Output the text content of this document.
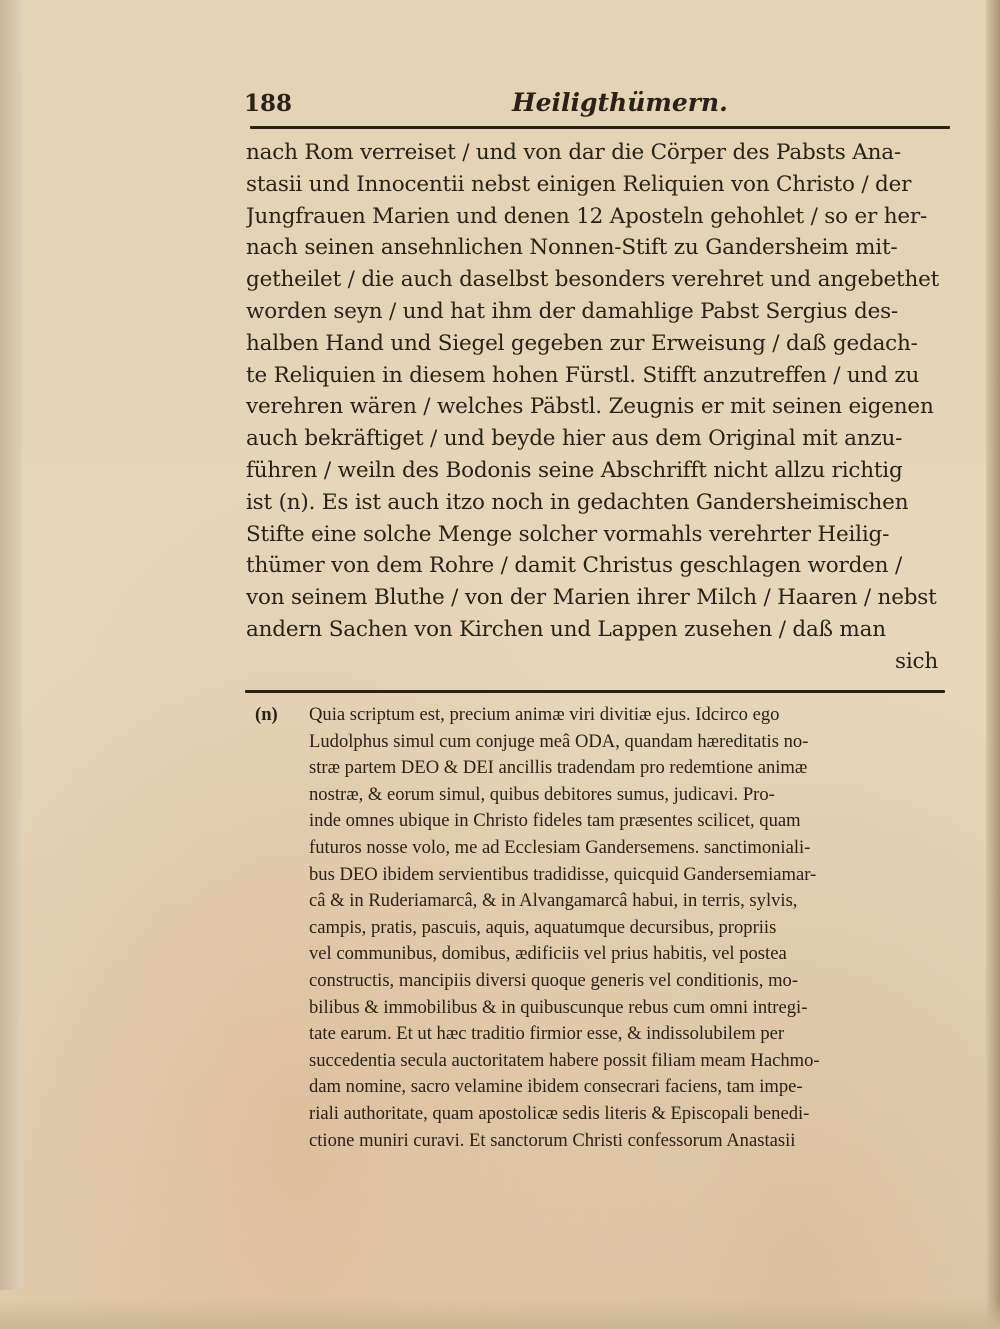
188	Heiligthümern.
nach Rom verreiset / und von dar die Cörper des Pabsts Ana-
stasii und Innocentii nebst einigen Reliquien von Christo / der
Jungfrauen Marien und denen 12 Aposteln gehohlet / so er her-
nach seinen ansehnlichen Nonnen-Stift zu Gandersheim mit-
getheilet / die auch daselbst besonders verehret und angebethet
worden seyn / und hat ihm der damahlige Pabst Sergius des-
halben Hand und Siegel gegeben zur Erweisung / daß gedach-
te Reliquien in diesem hohen Fürstl. Stifft anzutreffen / und zu
verehren wären / welches Päbstl. Zeugnis er mit seinen eigenen
auch bekräftiget / und beyde hier aus dem Original mit anzu-
führen / weiln des Bodonis seine Abschrifft nicht allzu richtig
ist (n). Es ist auch itzo noch in gedachten Gandersheimischen
Stifte eine solche Menge solcher vormahls verehrter Heilig-
thümer von dem Rohre / damit Christus geschlagen worden /
von seinem Bluthe / von der Marien ihrer Milch / Haaren / nebst
andern Sachen von Kirchen und Lappen zusehen / daß man
sich
(n) Quia scriptum est, precium animæ viri divitiæ ejus. Idcirco ego
Ludolphus simul cum conjuge meâ ODA, quandam hæreditatis no-
stræ partem DEO & DEI ancillis tradendam pro redemtione animæ
nostræ, & eorum simul, quibus debitores sumus, judicavi. Pro-
inde omnes ubique in Christo fideles tam præsentes scilicet, quam
futuros nosse volo, me ad Ecclesiam Gandersemens. sanctimoniali-
bus DEO ibidem servientibus tradidisse, quicquid Gandersemiamar-
câ & in Ruderiamarcâ, & in Alvangamarcâ habui, in terris, sylvis,
campis, pratis, pascuis, aquis, aquatumque decursibus, propriis
vel communibus, domibus, ædificiis vel prius habitis, vel postea
constructis, mancipiis diversi quoque generis vel conditionis, mo-
bilibus & immobilibus & in quibuscunque rebus cum omni intregi-
tate earum. Et ut hæc traditio firmior esse, & indissolubilem per
succedentia secula auctoritatem habere possit filiam meam Hachmo-
dam nomine, sacro velamine ibidem consecrari faciens, tam impe-
riali authoritate, quam apostolicæ sedis literis & Episcopali benedi-
ctione muniri curavi. Et sanctorum Christi confessorum Anastasii
